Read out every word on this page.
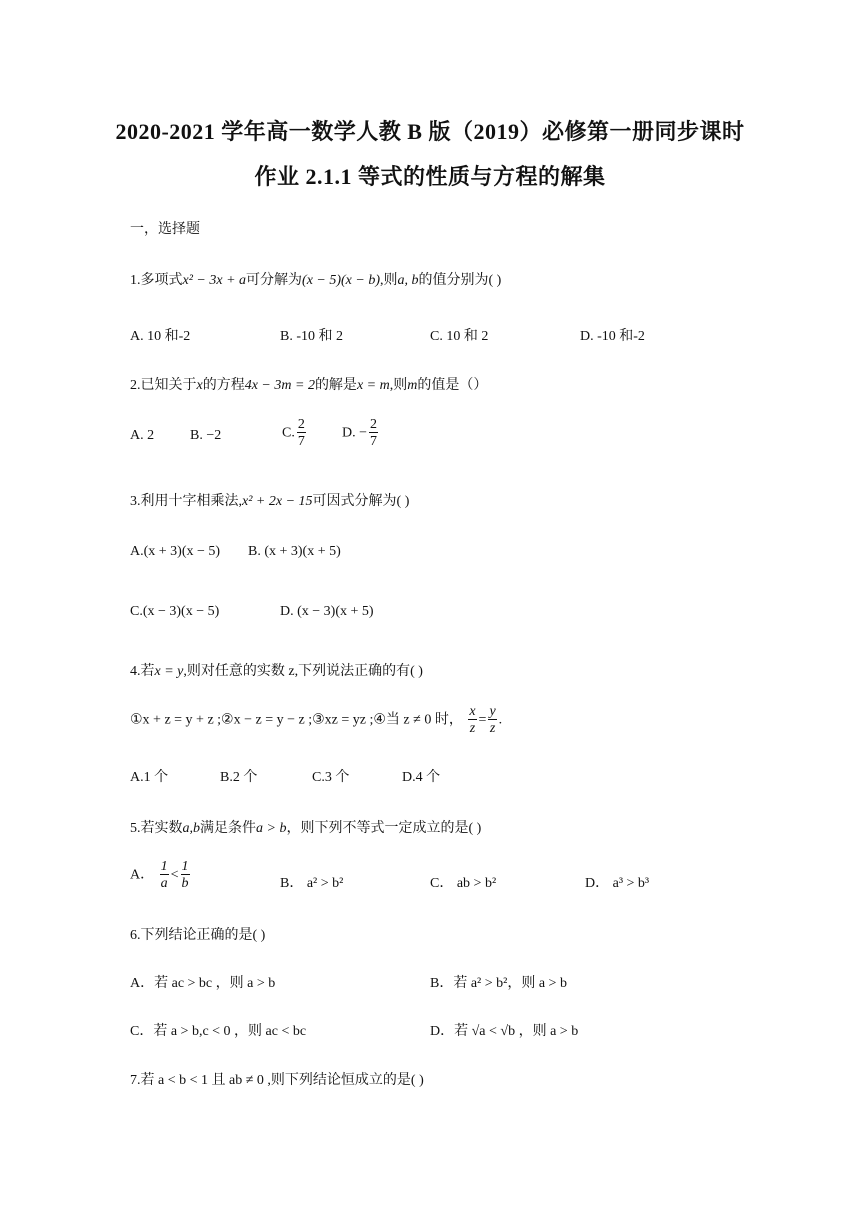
2020-2021 学年高一数学人教 B 版（2019）必修第一册同步课时
作业 2.1.1 等式的性质与方程的解集
一，选择题
1.多项式x² − 3x + a可分解为(x − 5)(x − b),则a, b的值分别为( )
A. 10 和-2	B. -10 和 2	C. 10 和 2	D. -10 和-2
2.已知关于x的方程4x − 3m = 2的解是x = m,则m的值是（）
A. 2	B. −2	C. $\frac{2}{7}$	D. − $\frac{2}{7}$
3.利用十字相乘法,x² + 2x − 15可因式分解为( )
A.(x + 3)(x − 5) B. (x + 3)(x + 5)
C.(x − 3)(x − 5)	D. (x − 3)(x + 5)
4.若x = y,则对任意的实数 z,下列说法正确的有( )
①x + z = y + z ;②x − z = y − z ;③xz = yz ;④当 z ≠ 0 时， $\frac{x}{z} = \frac{y}{z}$ .
A.1 个	B.2 个	C.3 个	D.4 个
5.若实数a,b满足条件a > b，则下列不等式一定成立的是( )
A． $\frac{1}{a} < \frac{1}{b}$	B． a² > b²	C． ab > b²	D． a³ > b³
6.下列结论正确的是( )
A．若 ac > bc ，则 a > b	B．若 a² > b²，则 a > b
C．若 a > b,c < 0 ，则 ac < bc	D．若 √a < √b ，则 a > b
7.若 a < b < 1 且 ab ≠ 0 ,则下列结论恒成立的是( )
